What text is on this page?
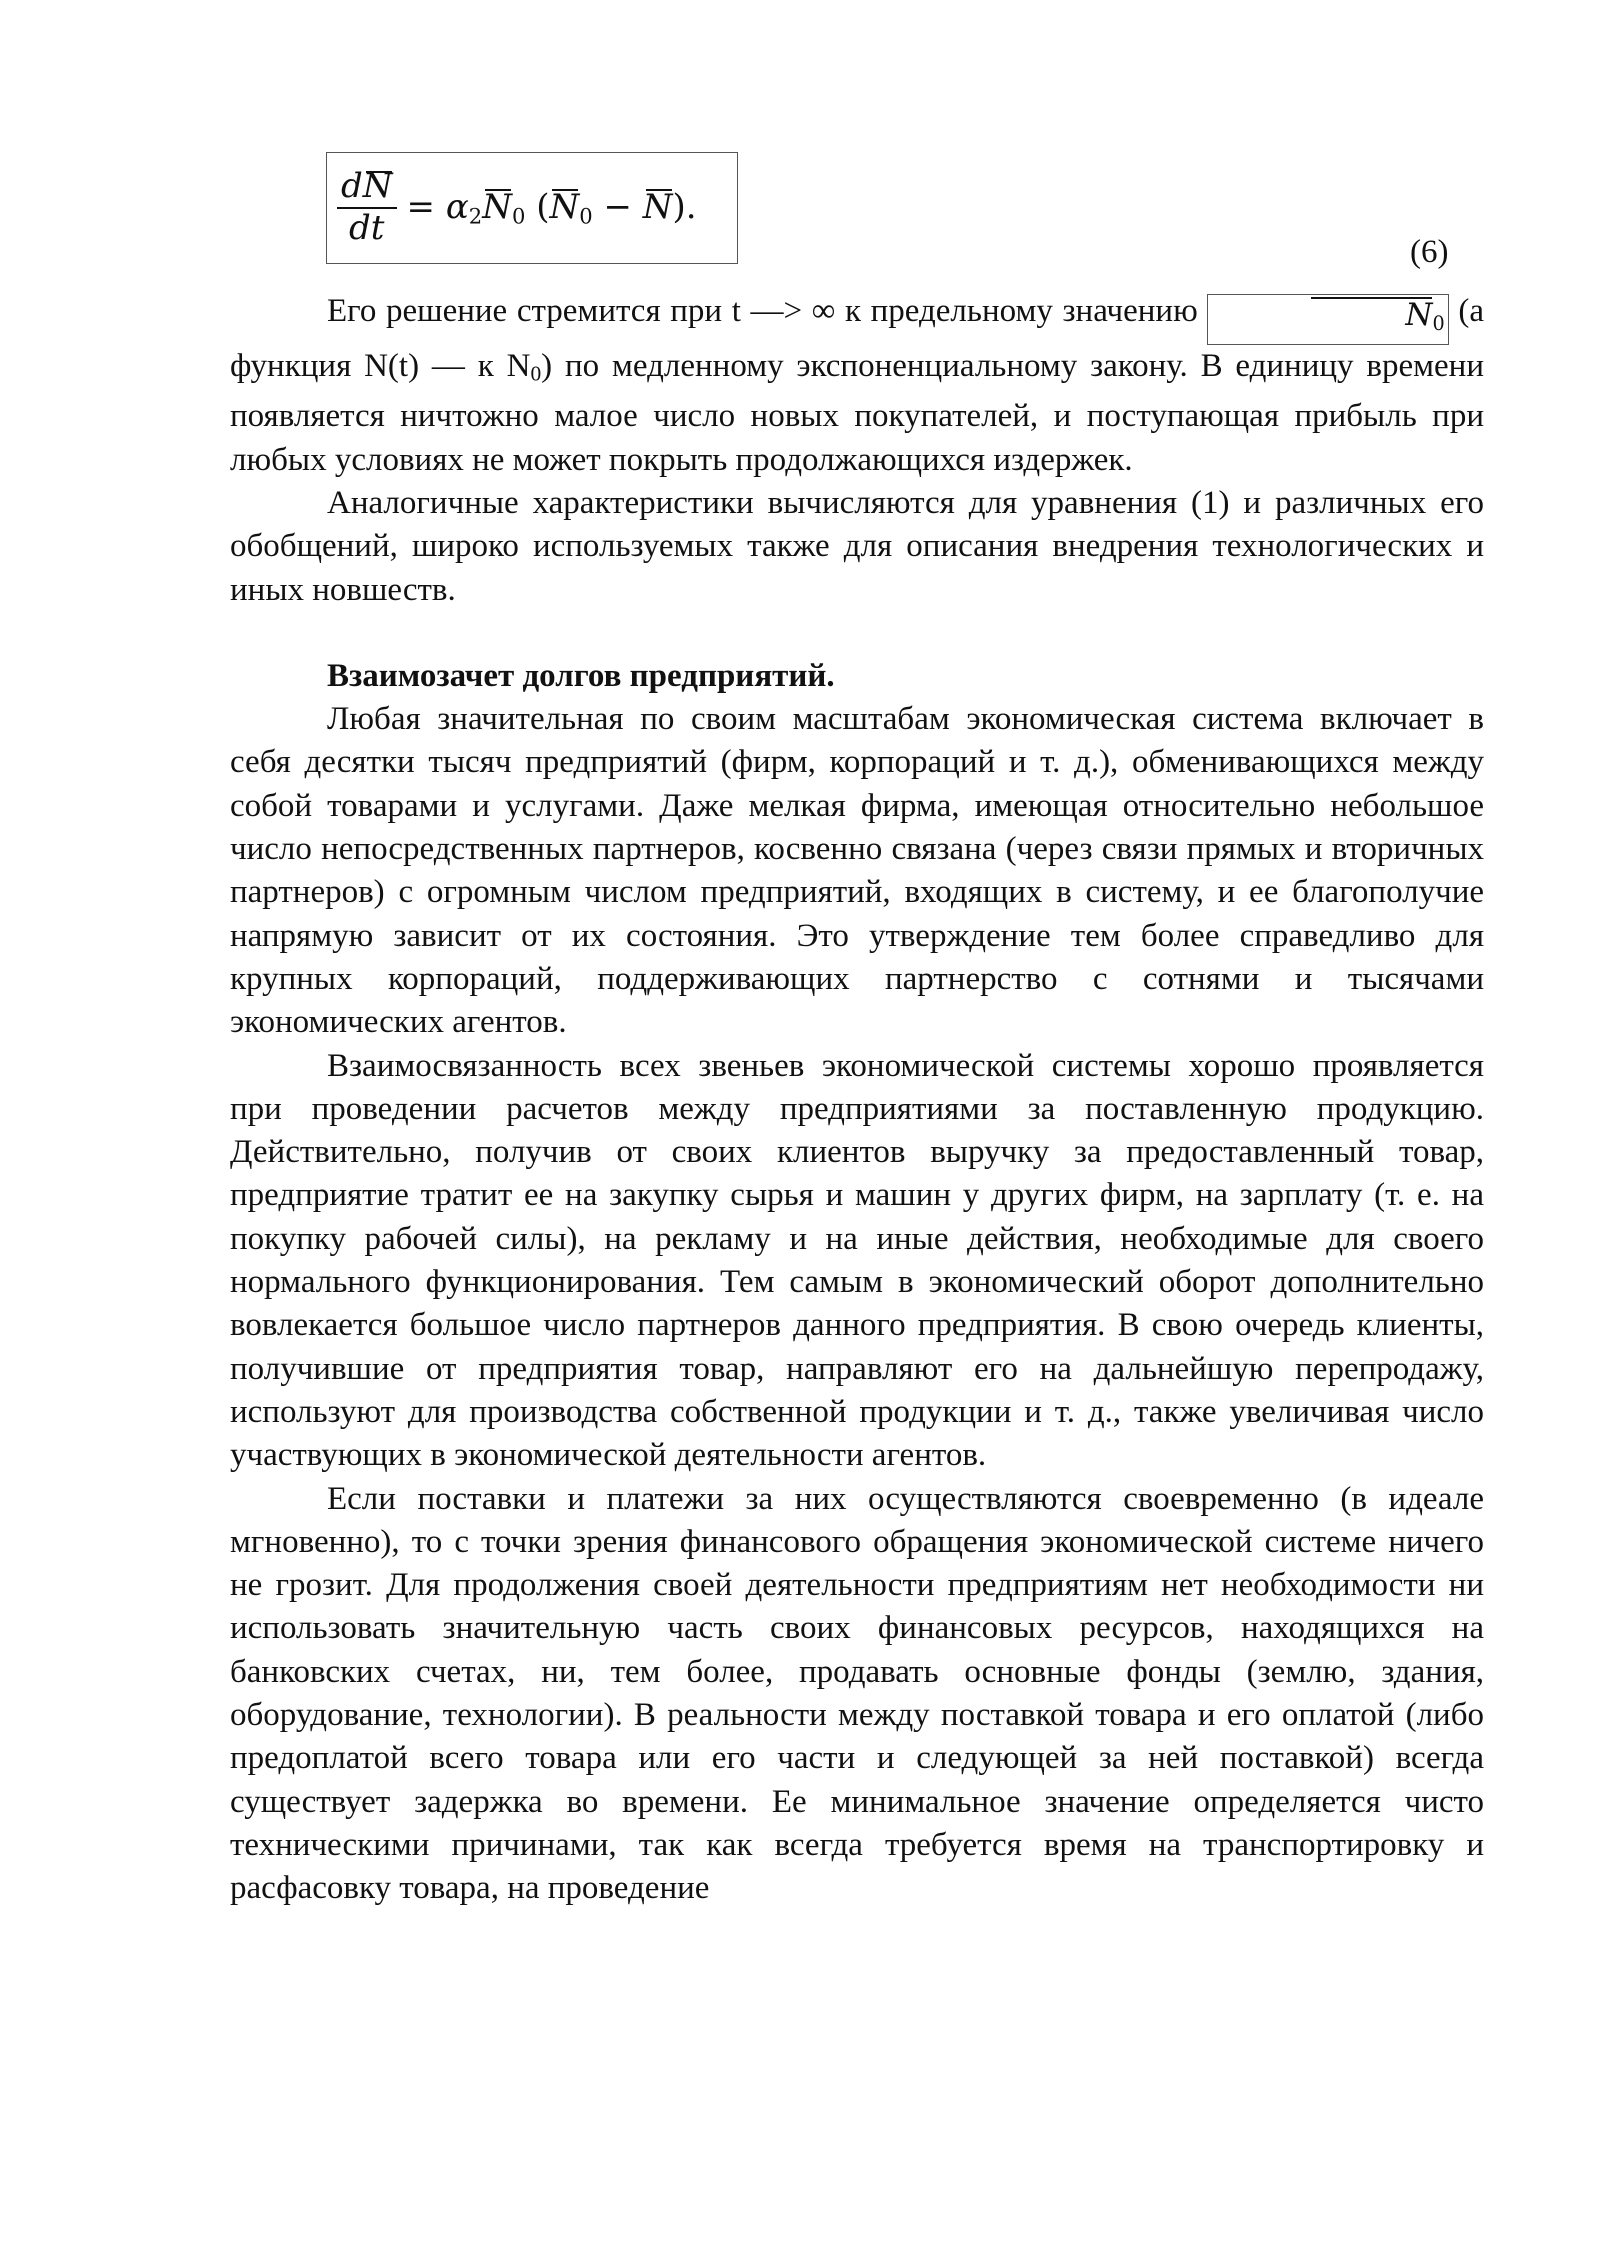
$\frac{dN}{dt} = \alpha_2N_0$ $(N_0 - N)$.
(6)

Его решение стремится при t —> ∞ к предельному значению	$N_0$ (а функция N(t) — к $N_0$) по медленному экспоненциальному закону. В единицу времени появляется ничтожно малое число новых покупателей, и поступающая прибыль при любых условиях не может покрыть продолжающихся издержек.

Аналогичные характеристики вычисляются для уравнения (1) и различных его обобщений, широко используемых также для описания внедрения технологических и иных новшеств.

Взаимозачет долгов предприятий.

Любая значительная по своим масштабам экономическая система включает в себя десятки тысяч предприятий (фирм, корпораций и т. д.), обменивающихся между собой товарами и услугами. Даже мелкая фирма, имеющая относительно небольшое число непосредственных партнеров, косвенно связана (через связи прямых и вторичных партнеров) с огромным числом предприятий, входящих в систему, и ее благополучие напрямую зависит от их состояния. Это утверждение тем более справедливо для крупных корпораций, поддерживающих партнерство с сотнями и тысячами экономических агентов.

Взаимосвязанность всех звеньев экономической системы хорошо проявляется при проведении расчетов между предприятиями за поставленную продукцию. Действительно, получив от своих клиентов выручку за предоставленный товар, предприятие тратит ее на закупку сырья и машин у других фирм, на зарплату (т. е. на покупку рабочей силы), на рекламу и на иные действия, необходимые для своего нормального функционирования. Тем самым в экономический оборот дополнительно вовлекается большое число партнеров данного предприятия. В свою очередь клиенты, получившие от предприятия товар, направляют его на дальнейшую перепродажу, используют для производства собственной продукции и т. д., также увеличивая число участвующих в экономической деятельности агентов.

Если поставки и платежи за них осуществляются своевременно (в идеале мгновенно), то с точки зрения финансового обращения экономической системе ничего не грозит. Для продолжения своей деятельности предприятиям нет необходимости ни использовать значительную часть своих финансовых ресурсов, находящихся на банковских счетах, ни, тем более, продавать основные фонды (землю, здания, оборудование, технологии). В реальности между поставкой товара и его оплатой (либо предоплатой всего товара или его части и следующей за ней поставкой) всегда существует задержка во времени. Ее минимальное значение определяется чисто техническими причинами, так как всегда требуется время на транспортировку и расфасовку товара, на проведение
